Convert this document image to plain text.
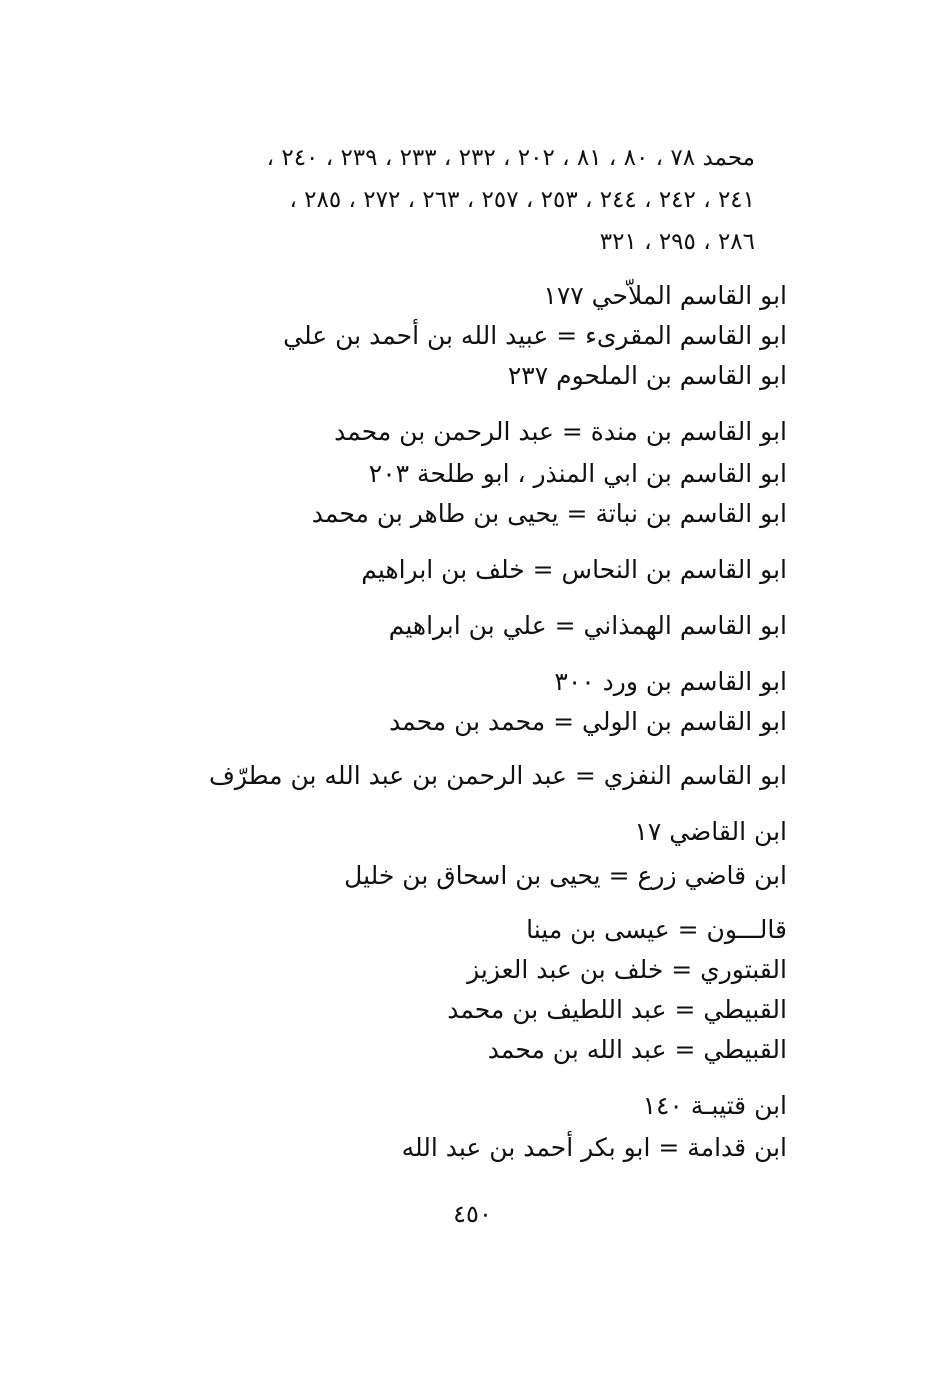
محمد ٧٨ ، ٨٠ ، ٨١ ، ٢٠٢ ، ٢٣٢ ، ٢٣٣ ، ٢٣٩ ، ٢٤٠ ،
٢٤١ ، ٢٤٢ ، ٢٤٤ ، ٢٥٣ ، ٢٥٧ ، ٢٦٣ ، ٢٧٢ ، ٢٨٥ ،
٢٨٦ ، ٢٩٥ ، ٣٢١
ابو القاسم الملاّحي ١٧٧
ابو القاسم المقرىء = عبيد الله بن أحمد بن علي
ابو القاسم بن الملحوم ٢٣٧
ابو القاسم بن مندة = عبد الرحمن بن محمد
ابو القاسم بن ابي المنذر ، ابو طلحة ٢٠٣
ابو القاسم بن نباتة = يحيى بن طاهر بن محمد
ابو القاسم بن النحاس = خلف بن ابراهيم
ابو القاسم الهمذاني = علي بن ابراهيم
ابو القاسم بن ورد ٣٠٠
ابو القاسم بن الولي = محمد بن محمد
ابو القاسم النفزي = عبد الرحمن بن عبد الله بن مطرّف
ابن القاضي ١٧
ابن قاضي زرع = يحيى بن اسحاق بن خليل
قالـــون = عيسى بن مينا
القبتوري = خلف بن عبد العزيز
القبيطي = عبد اللطيف بن محمد
القبيطي = عبد الله بن محمد
ابن قتيبـة ١٤٠
ابن قدامة = ابو بكر أحمد بن عبد الله
٤٥٠
